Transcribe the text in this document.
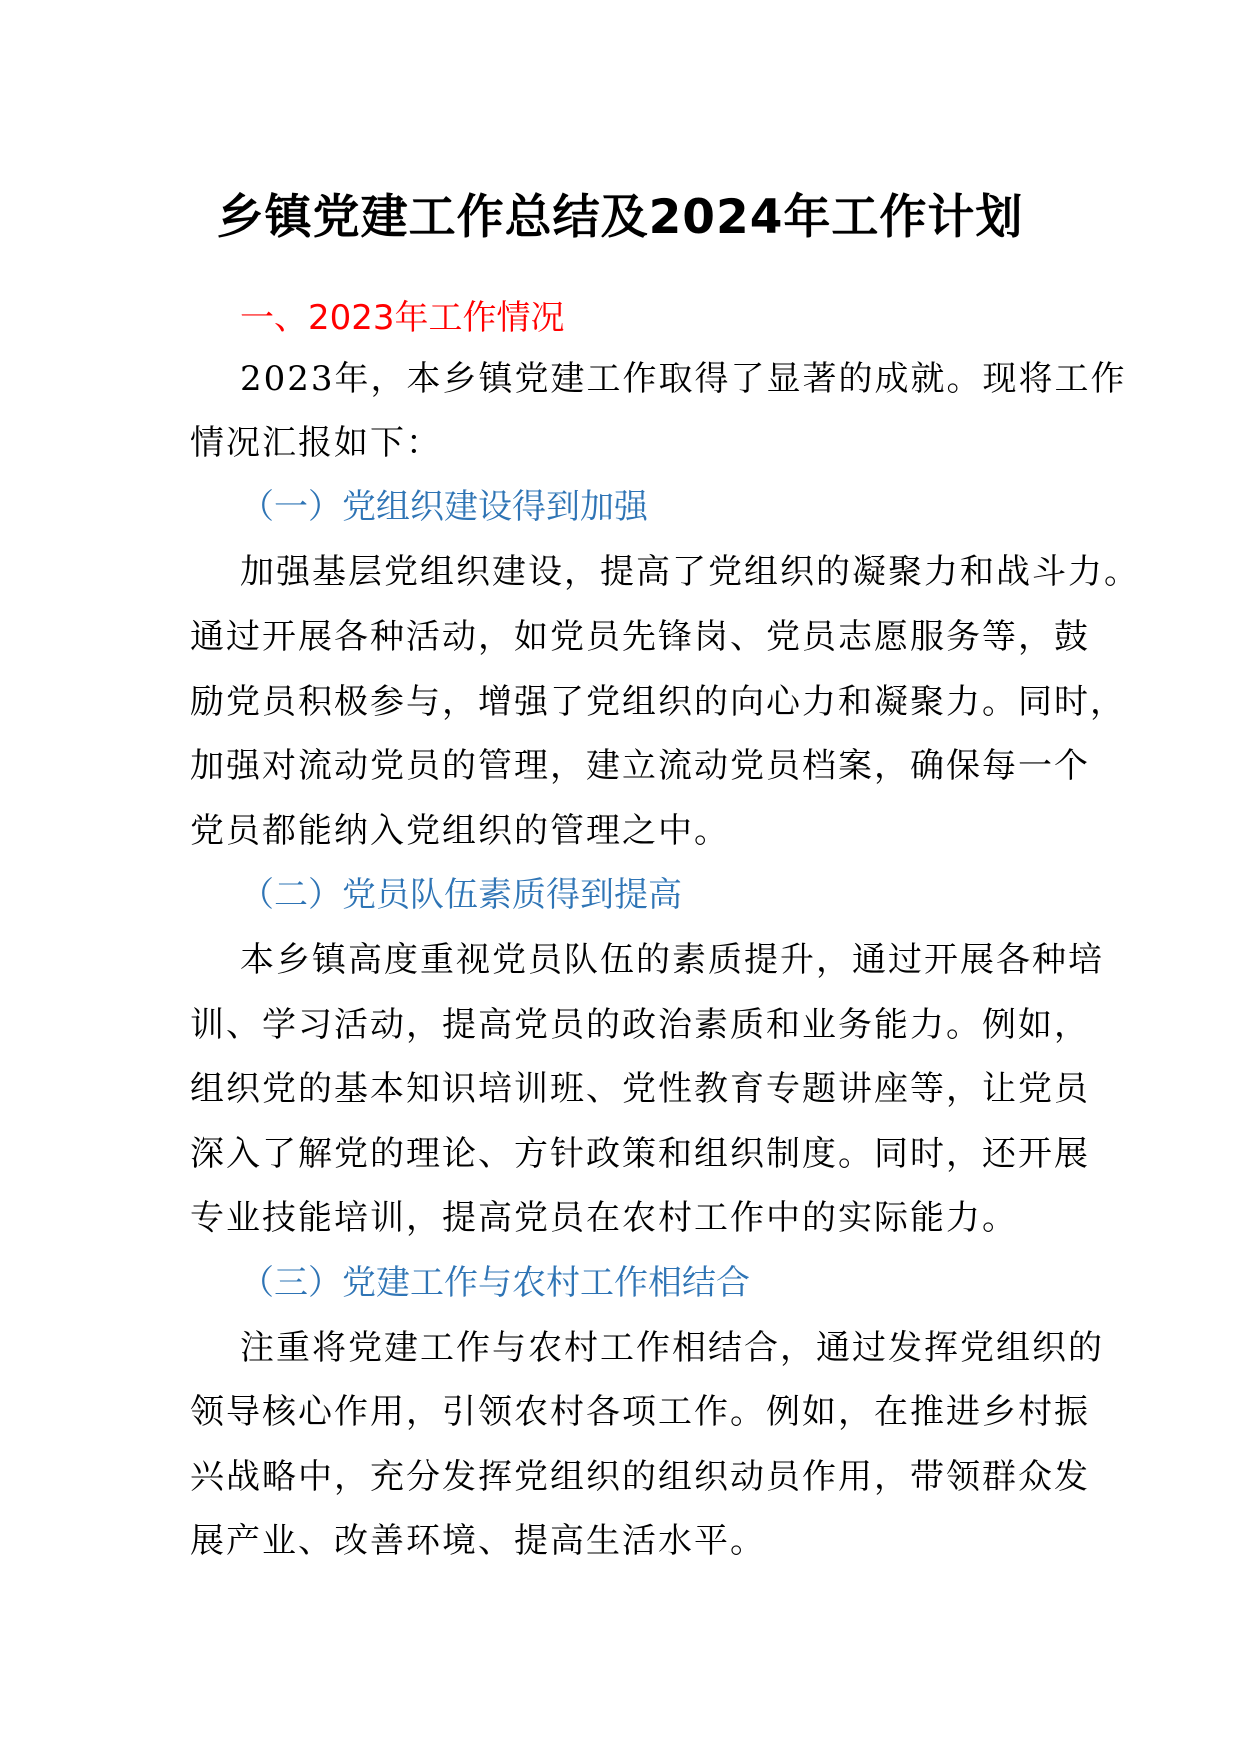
乡镇党建工作总结及2024年工作计划
一、2023年工作情况
2023年，本乡镇党建工作取得了显著的成就。现将工作
情况汇报如下：
（一）党组织建设得到加强
加强基层党组织建设，提高了党组织的凝聚力和战斗力。
通过开展各种活动，如党员先锋岗、党员志愿服务等，鼓
励党员积极参与，增强了党组织的向心力和凝聚力。同时，
加强对流动党员的管理，建立流动党员档案，确保每一个
党员都能纳入党组织的管理之中。
（二）党员队伍素质得到提高
本乡镇高度重视党员队伍的素质提升，通过开展各种培
训、学习活动，提高党员的政治素质和业务能力。例如，
组织党的基本知识培训班、党性教育专题讲座等，让党员
深入了解党的理论、方针政策和组织制度。同时，还开展
专业技能培训，提高党员在农村工作中的实际能力。
（三）党建工作与农村工作相结合
注重将党建工作与农村工作相结合，通过发挥党组织的
领导核心作用，引领农村各项工作。例如，在推进乡村振
兴战略中，充分发挥党组织的组织动员作用，带领群众发
展产业、改善环境、提高生活水平。
